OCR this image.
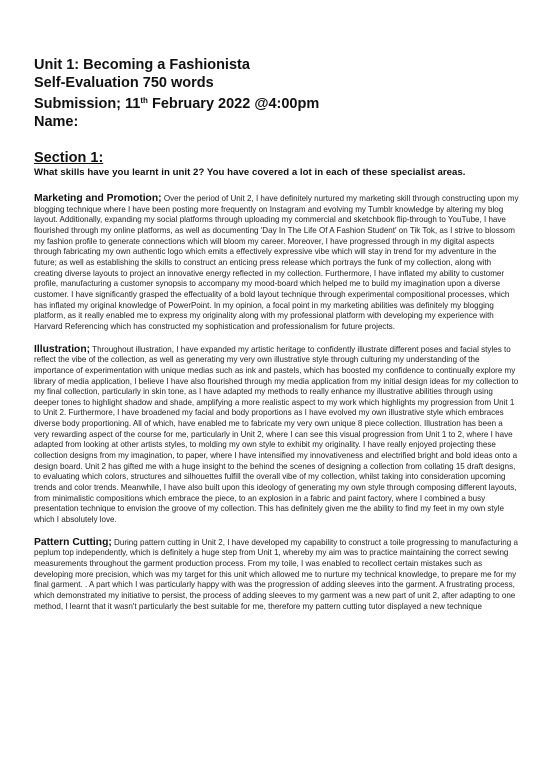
Unit 1: Becoming a Fashionista

Self-Evaluation 750 words

Submission; 11th February 2022 @4:00pm

Name:

Section 1:

What skills have you learnt in unit 2? You have covered a lot in each of these specialist areas.

Marketing and Promotion; Over the period of Unit 2, I have definitely nurtured my marketing skill through constructing upon my blogging technique where I have been posting more frequently on Instagram and evolving my Tumblr knowledge by altering my blog layout. Additionally, expanding my social platforms through uploading my commercial and sketchbook flip-through to YouTube, I have flourished through my online platforms, as well as documenting 'Day In The Life Of A Fashion Student' on Tik Tok, as I strive to blossom my fashion profile to generate connections which will bloom my career. Moreover, I have progressed through in my digital aspects through fabricating my own authentic logo which emits a effectively expressive vibe which will stay in trend for my adventure in the future; as well as establishing the skills to construct an enticing press release which portrays the funk of my collection, along with creating diverse layouts to project an innovative energy reflected in my collection. Furthermore, I have inflated my ability to customer profile, manufacturing a customer synopsis to accompany my mood-board which helped me to build my imagination upon a diverse customer. I have significantly grasped the effectuality of a bold layout technique through experimental compositional processes, which has inflated my original knowledge of PowerPoint. In my opinion, a focal point in my marketing abilities was definitely my blogging platform, as it really enabled me to express my originality along with my professional platform with developing my experience with Harvard Referencing which has constructed my sophistication and professionalism for future projects.

Illustration; Throughout illustration, I have expanded my artistic heritage to confidently illustrate different poses and facial styles to reflect the vibe of the collection, as well as generating my very own illustrative style through culturing my understanding of the importance of experimentation with unique medias such as ink and pastels, which has boosted my confidence to continually explore my library of media application, I believe I have also flourished through my media application from my initial design ideas for my collection to my final collection, particularly in skin tone, as I have adapted my methods to really enhance my illustrative abilities through using deeper tones to highlight shadow and shade, amplifying a more realistic aspect to my work which highlights my progression from Unit 1 to Unit 2. Furthermore, I have broadened my facial and body proportions as I have evolved my own illustrative style which embraces diverse body proportioning. All of which, have enabled me to fabricate my very own unique 8 piece collection. Illustration has been a very rewarding aspect of the course for me, particularly in Unit 2, where I can see this visual progression from Unit 1 to 2, where I have adapted from looking at other artists styles, to molding my own style to exhibit my originality. I have really enjoyed projecting these collection designs from my imagination, to paper, where I have intensified my innovativeness and electrified bright and bold ideas onto a design board. Unit 2 has gifted me with a huge insight to the behind the scenes of designing a collection from collating 15 draft designs, to evaluating which colors, structures and silhouettes fulfill the overall vibe of my collection, whilst taking into consideration upcoming trends and color trends. Meanwhile, I have also built upon this ideology of generating my own style through composing different layouts, from minimalistic compositions which embrace the piece, to an explosion in a fabric and paint factory, where I combined a busy presentation technique to envision the groove of my collection. This has definitely given me the ability to find my feet in my own style which I absolutely love.

Pattern Cutting; During pattern cutting in Unit 2, I have developed my capability to construct a toile progressing to manufacturing a peplum top independently, which is definitely a huge step from Unit 1, whereby my aim was to practice maintaining the correct sewing measurements throughout the garment production process. From my toile, I was enabled to recollect certain mistakes such as developing more precision, which was my target for this unit which allowed me to nurture my technical knowledge, to prepare me for my final garment. . A part which I was particularly happy with was the progression of adding sleeves into the garment. A frustrating process, which demonstrated my initiative to persist, the process of adding sleeves to my garment was a new part of unit 2, after adapting to one method, I learnt that it wasn't particularly the best suitable for me, therefore my pattern cutting tutor displayed a new technique
